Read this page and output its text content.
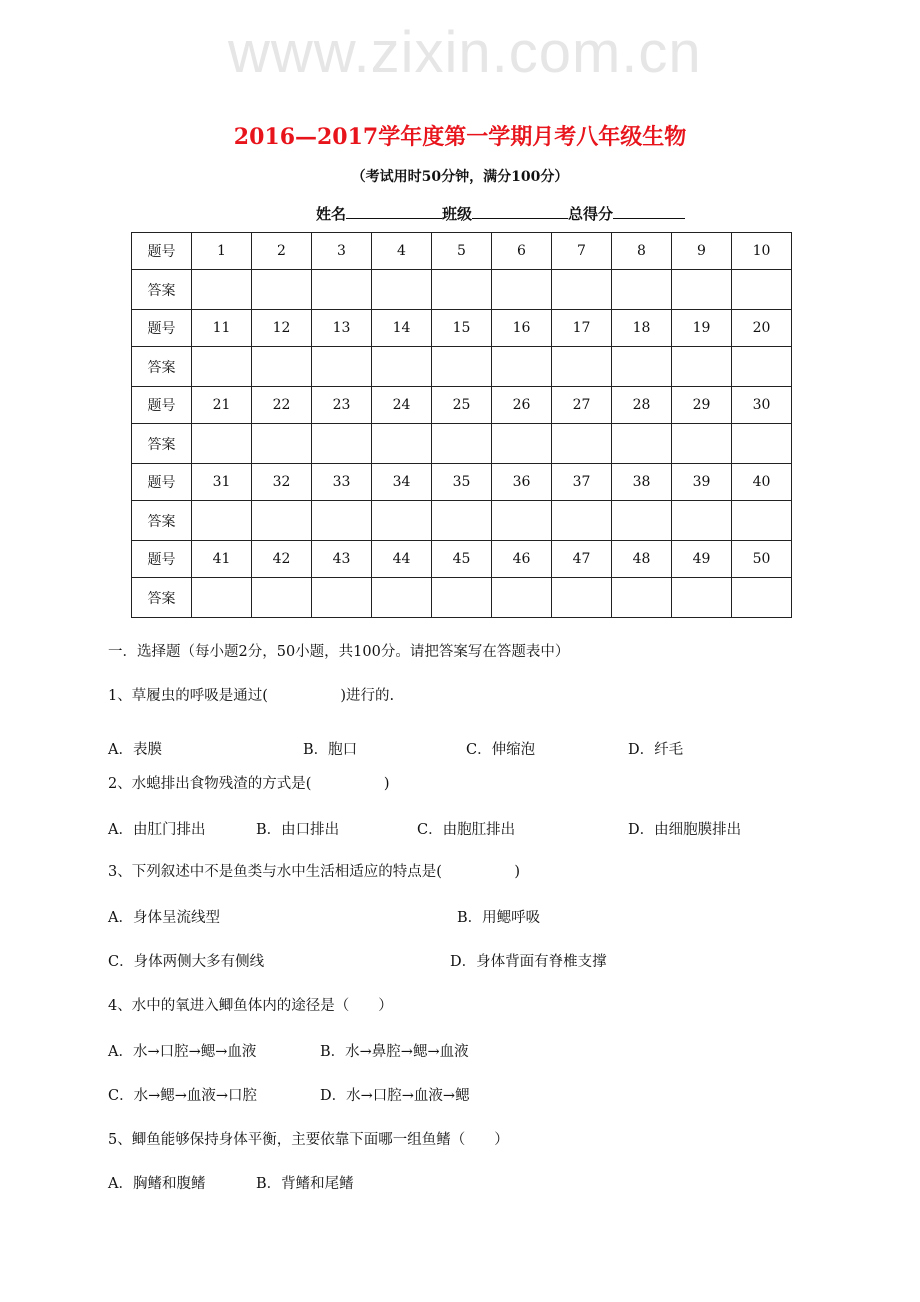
www.zixin.com.cn
2016—2017学年度第一学期月考八年级生物
（考试用时50分钟，满分100分）
姓名	班级	总得分
题号	1	2	3	4	5	6	7	8	9	10
答案										
题号	11	12	13	14	15	16	17	18	19	20
答案										
题号	21	22	23	24	25	26	27	28	29	30
答案										
题号	31	32	33	34	35	36	37	38	39	40
答案										
题号	41	42	43	44	45	46	47	48	49	50
答案										
一．选择题（每小题2分，50小题，共100分。请把答案写在答题表中）
1、草履虫的呼吸是通过(　　　　　)进行的.
A．表膜	B．胞口	C．伸缩泡	D．纤毛
2、水螅排出食物残渣的方式是(　　　　　)
A．由肛门排出	B．由口排出	C．由胞肛排出	D．由细胞膜排出
3、下列叙述中不是鱼类与水中生活相适应的特点是(　　　　　)
A．身体呈流线型	B．用鳃呼吸
C．身体两侧大多有侧线	D．身体背面有脊椎支撑
4、水中的氧进入鲫鱼体内的途径是（　　）
A．水→口腔→鳃→血液	B．水→鼻腔→鳃→血液
C．水→鳃→血液→口腔	D．水→口腔→血液→鳃
5、鲫鱼能够保持身体平衡，主要依靠下面哪一组鱼鳍（　　）
A．胸鳍和腹鳍	B．背鳍和尾鳍
